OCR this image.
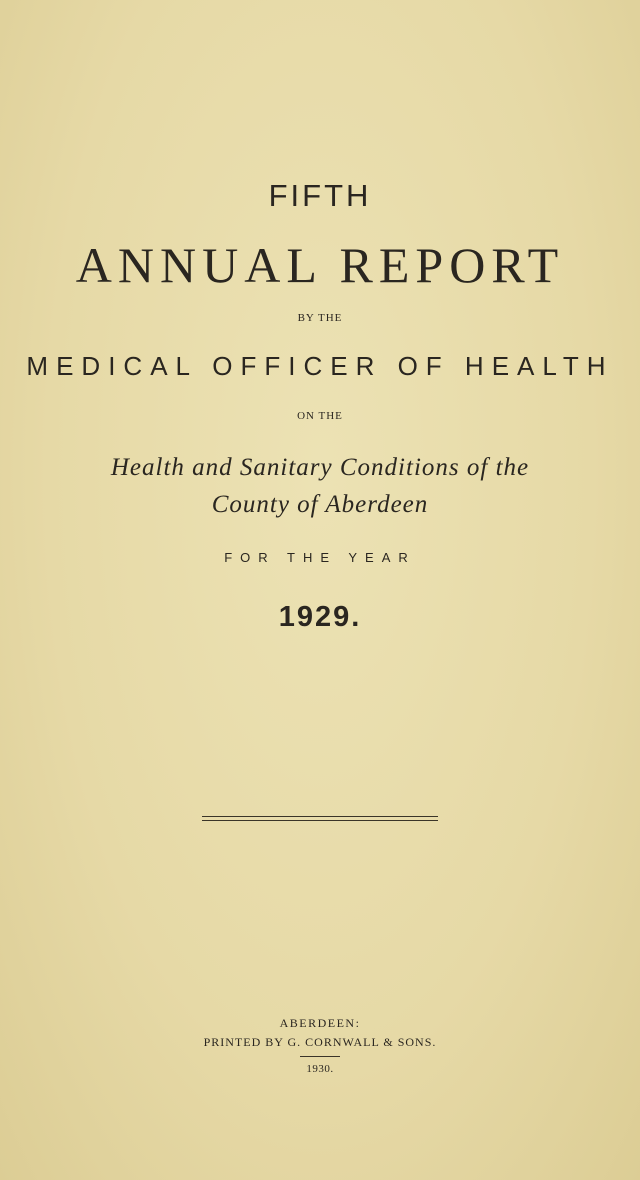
FIFTH
ANNUAL REPORT
BY THE
MEDICAL OFFICER OF HEALTH
ON THE
Health and Sanitary Conditions of the
County of Aberdeen
FOR THE YEAR
1929.
ABERDEEN:
PRINTED BY G. CORNWALL & SONS.
1930.
